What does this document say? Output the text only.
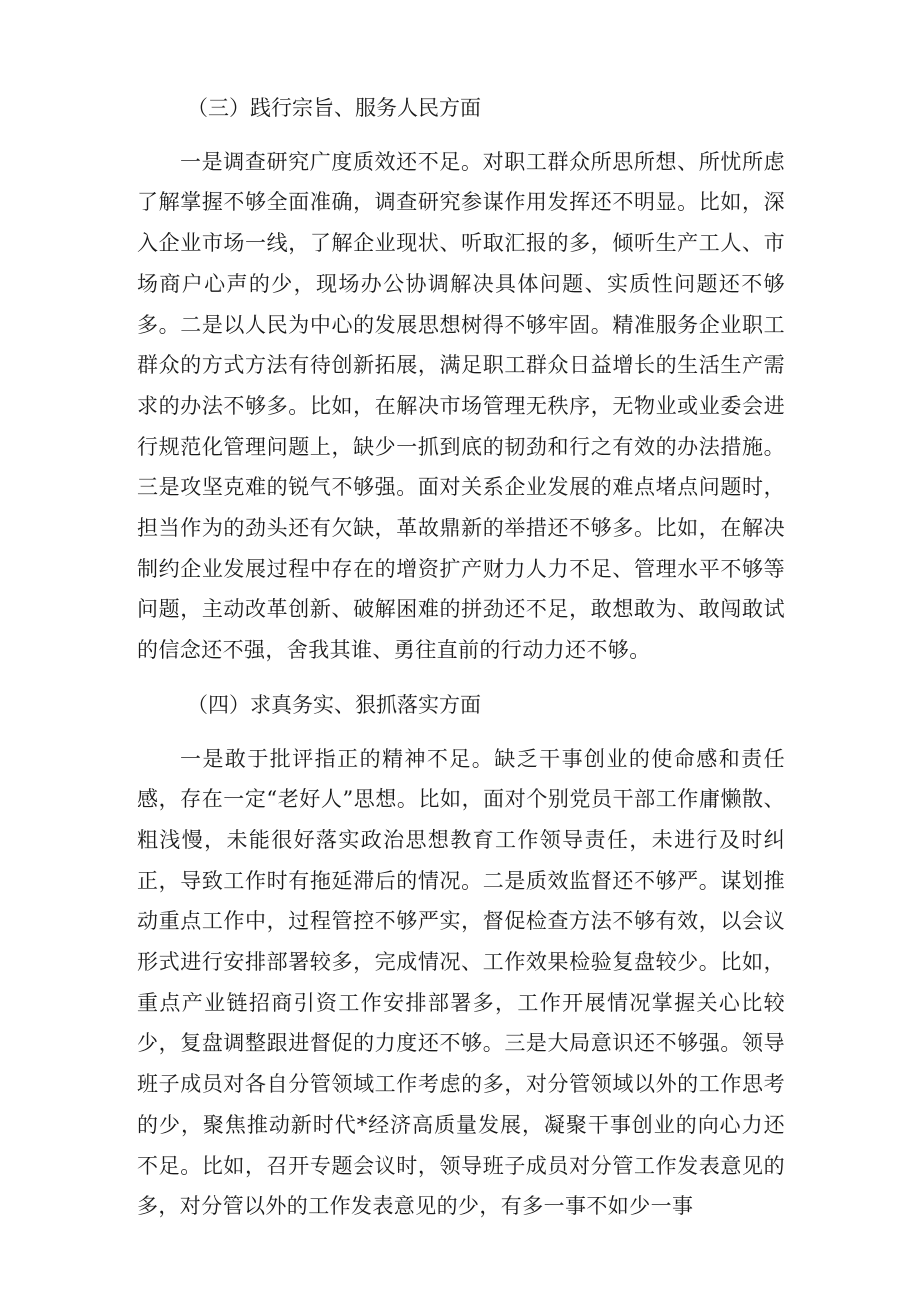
（三）践行宗旨、服务人民方面

一是调查研究广度质效还不足。对职工群众所思所想、所忧所虑了解掌握不够全面准确，调查研究参谋作用发挥还不明显。比如，深入企业市场一线，了解企业现状、听取汇报的多，倾听生产工人、市场商户心声的少，现场办公协调解决具体问题、实质性问题还不够多。二是以人民为中心的发展思想树得不够牢固。精准服务企业职工群众的方式方法有待创新拓展，满足职工群众日益增长的生活生产需求的办法不够多。比如，在解决市场管理无秩序，无物业或业委会进行规范化管理问题上，缺少一抓到底的韧劲和行之有效的办法措施。三是攻坚克难的锐气不够强。面对关系企业发展的难点堵点问题时，担当作为的劲头还有欠缺，革故鼎新的举措还不够多。比如，在解决制约企业发展过程中存在的增资扩产财力人力不足、管理水平不够等问题，主动改革创新、破解困难的拼劲还不足，敢想敢为、敢闯敢试的信念还不强，舍我其谁、勇往直前的行动力还不够。

（四）求真务实、狠抓落实方面

一是敢于批评指正的精神不足。缺乏干事创业的使命感和责任感，存在一定“老好人”思想。比如，面对个别党员干部工作庸懒散、粗浅慢，未能很好落实政治思想教育工作领导责任，未进行及时纠正，导致工作时有拖延滞后的情况。二是质效监督还不够严。谋划推动重点工作中，过程管控不够严实，督促检查方法不够有效，以会议形式进行安排部署较多，完成情况、工作效果检验复盘较少。比如，重点产业链招商引资工作安排部署多，工作开展情况掌握关心比较少，复盘调整跟进督促的力度还不够。三是大局意识还不够强。领导班子成员对各自分管领域工作考虑的多，对分管领域以外的工作思考的少，聚焦推动新时代*经济高质量发展，凝聚干事创业的向心力还不足。比如，召开专题会议时，领导班子成员对分管工作发表意见的多，对分管以外的工作发表意见的少，有多一事不如少一事
